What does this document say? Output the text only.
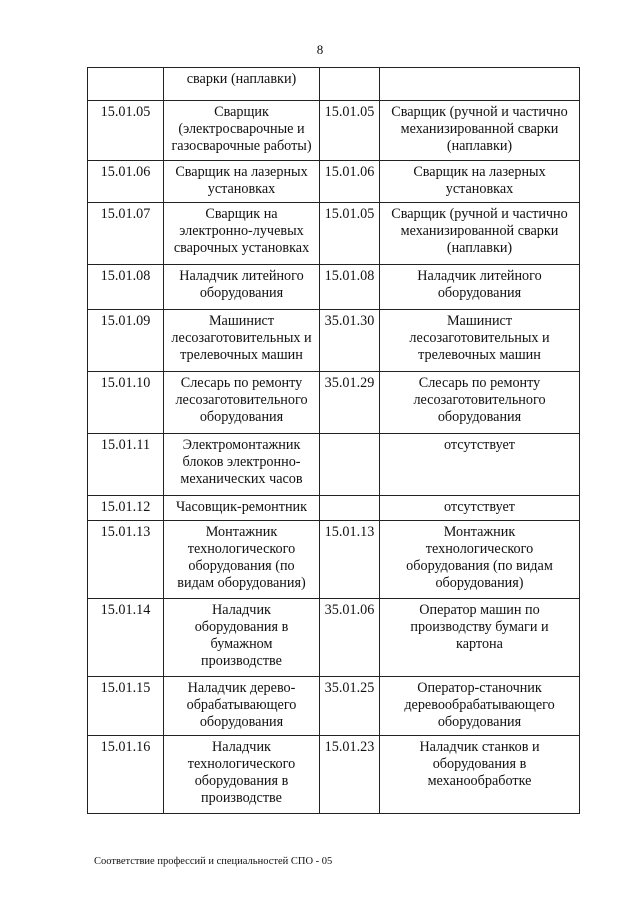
8
	сварки (наплавки)		
15.01.05	Сварщик
(электросварочные и
газосварочные работы)	15.01.05	Сварщик (ручной и частично
механизированной сварки
(наплавки)
15.01.06	Сварщик на лазерных
установках	15.01.06	Сварщик на лазерных
установках
15.01.07	Сварщик на
электронно-лучевых
сварочных установках	15.01.05	Сварщик (ручной и частично
механизированной сварки
(наплавки)
15.01.08	Наладчик литейного
оборудования	15.01.08	Наладчик литейного
оборудования
15.01.09	Машинист
лесозаготовительных и
трелевочных машин	35.01.30	Машинист
лесозаготовительных и
трелевочных машин
15.01.10	Слесарь по ремонту
лесозаготовительного
оборудования	35.01.29	Слесарь по ремонту
лесозаготовительного
оборудования
15.01.11	Электромонтажник
блоков электронно-
механических часов		отсутствует
15.01.12	Часовщик-ремонтник		отсутствует
15.01.13	Монтажник
технологического
оборудования (по
видам оборудования)	15.01.13	Монтажник
технологического
оборудования (по видам
оборудования)
15.01.14	Наладчик
оборудования в
бумажном
производстве	35.01.06	Оператор машин по
производству бумаги и
картона
15.01.15	Наладчик дерево-
обрабатывающего
оборудования	35.01.25	Оператор-станочник
деревообрабатывающего
оборудования
15.01.16	Наладчик
технологического
оборудования в
производстве	15.01.23	Наладчик станков и
оборудования в
механообработке
Соответствие профессий и специальностей СПО - 05
